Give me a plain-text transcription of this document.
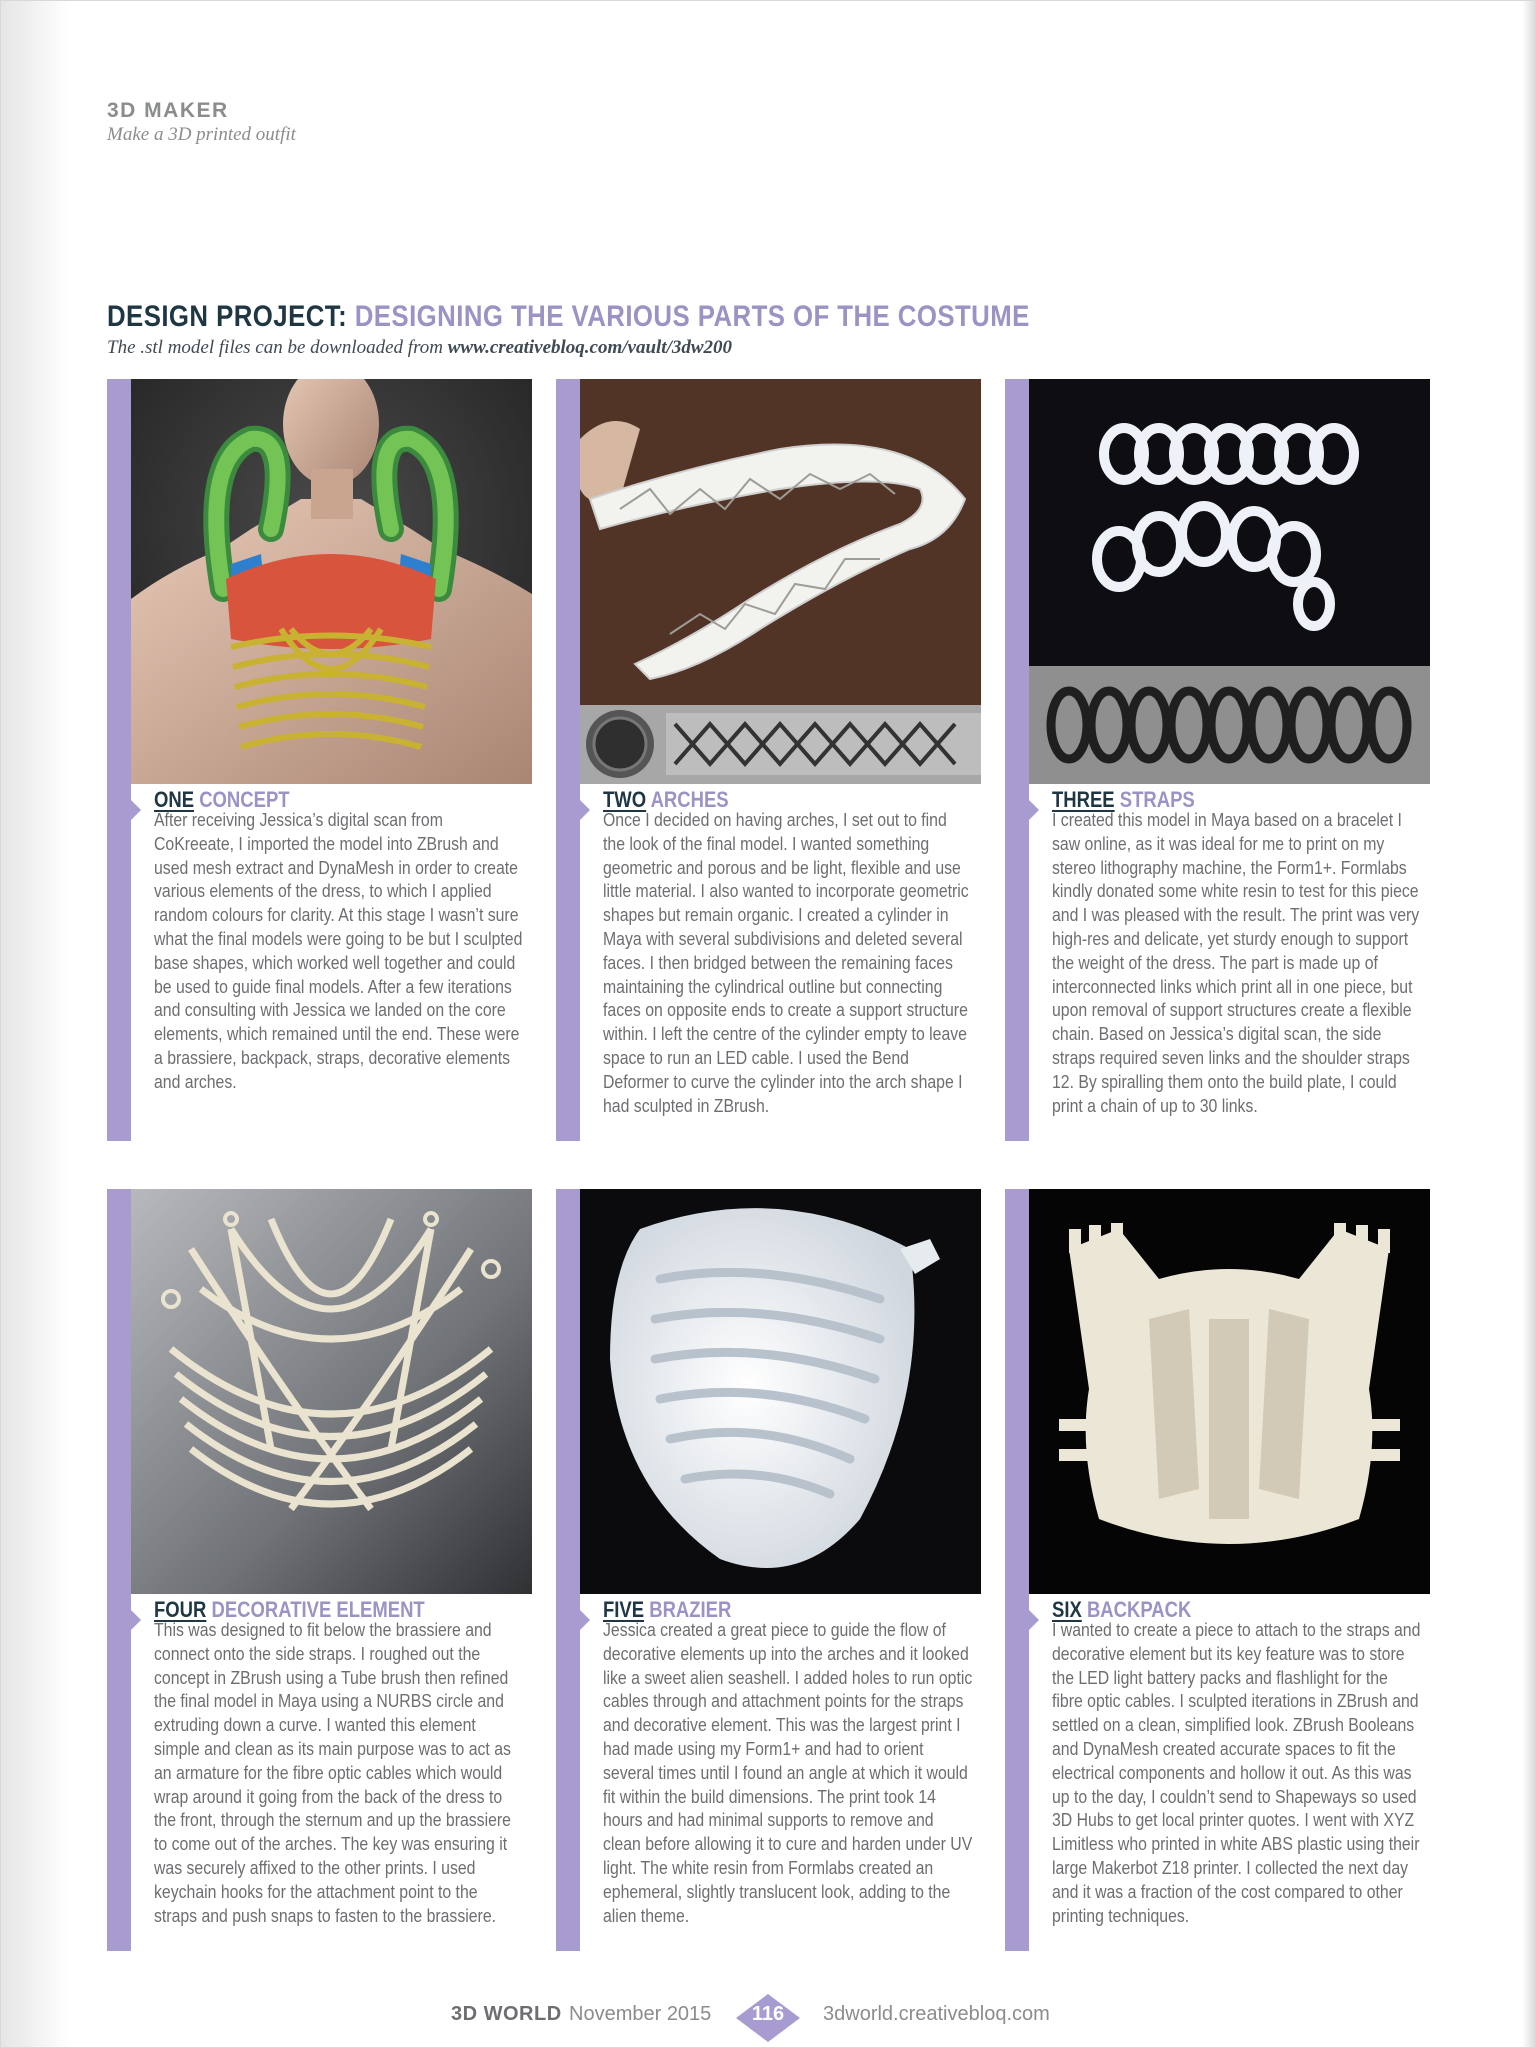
3D MAKER
Make a 3D printed outfit
DESIGN PROJECT: DESIGNING THE VARIOUS PARTS OF THE COSTUME
The .stl model files can be downloaded from www.creativebloq.com/vault/3dw200
ONE CONCEPT
After receiving Jessica’s digital scan from CoKreeate, I imported the model into ZBrush and used mesh extract and DynaMesh in order to create various elements of the dress, to which I applied random colours for clarity. At this stage I wasn’t sure what the final models were going to be but I sculpted base shapes, which worked well together and could be used to guide final models. After a few iterations and consulting with Jessica we landed on the core elements, which remained until the end. These were a brassiere, backpack, straps, decorative elements and arches.
TWO ARCHES
Once I decided on having arches, I set out to find the look of the final model. I wanted something geometric and porous and be light, flexible and use little material. I also wanted to incorporate geometric shapes but remain organic. I created a cylinder in Maya with several subdivisions and deleted several faces. I then bridged between the remaining faces maintaining the cylindrical outline but connecting faces on opposite ends to create a support structure within. I left the centre of the cylinder empty to leave space to run an LED cable. I used the Bend Deformer to curve the cylinder into the arch shape I had sculpted in ZBrush.
THREE STRAPS
I created this model in Maya based on a bracelet I saw online, as it was ideal for me to print on my stereo lithography machine, the Form1+. Formlabs kindly donated some white resin to test for this piece and I was pleased with the result. The print was very high-res and delicate, yet sturdy enough to support the weight of the dress. The part is made up of interconnected links which print all in one piece, but upon removal of support structures create a flexible chain. Based on Jessica’s digital scan, the side straps required seven links and the shoulder straps 12. By spiralling them onto the build plate, I could print a chain of up to 30 links.
FOUR DECORATIVE ELEMENT
This was designed to fit below the brassiere and connect onto the side straps. I roughed out the concept in ZBrush using a Tube brush then refined the final model in Maya using a NURBS circle and extruding down a curve. I wanted this element simple and clean as its main purpose was to act as an armature for the fibre optic cables which would wrap around it going from the back of the dress to the front, through the sternum and up the brassiere to come out of the arches. The key was ensuring it was securely affixed to the other prints. I used keychain hooks for the attachment point to the straps and push snaps to fasten to the brassiere.
FIVE BRAZIER
Jessica created a great piece to guide the flow of decorative elements up into the arches and it looked like a sweet alien seashell. I added holes to run optic cables through and attachment points for the straps and decorative element. This was the largest print I had made using my Form1+ and had to orient several times until I found an angle at which it would fit within the build dimensions. The print took 14 hours and had minimal supports to remove and clean before allowing it to cure and harden under UV light. The white resin from Formlabs created an ephemeral, slightly translucent look, adding to the alien theme.
SIX BACKPACK
I wanted to create a piece to attach to the straps and decorative element but its key feature was to store the LED light battery packs and flashlight for the fibre optic cables. I sculpted iterations in ZBrush and settled on a clean, simplified look. ZBrush Booleans and DynaMesh created accurate spaces to fit the electrical components and hollow it out. As this was up to the day, I couldn’t send to Shapeways so used 3D Hubs to get local printer quotes. I went with XYZ Limitless who printed in white ABS plastic using their large Makerbot Z18 printer. I collected the next day and it was a fraction of the cost compared to other printing techniques.
3D WORLD November 2015	116	3dworld.creativebloq.com
